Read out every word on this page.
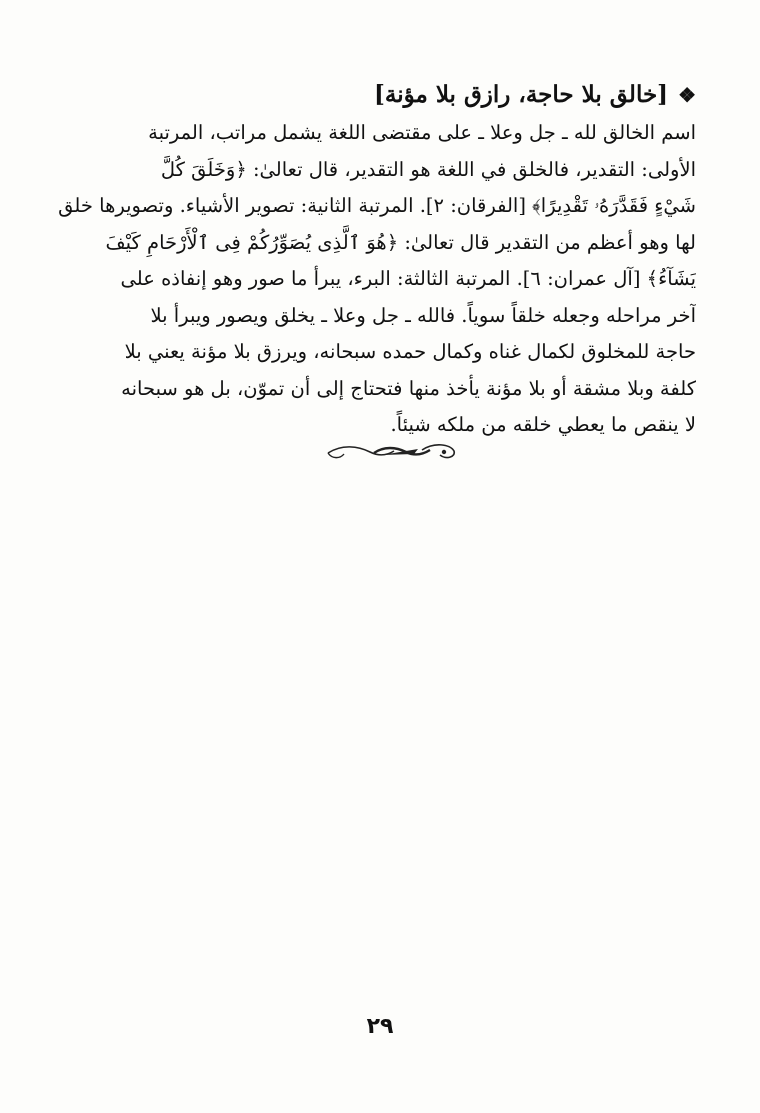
❖[خالق بلا حاجة، رازق بلا مؤنة]
اسم الخالق لله ـ جل وعلا ـ على مقتضى اللغة يشمل مراتب، المرتبة
الأولى: التقدير، فالخلق في اللغة هو التقدير، قال تعالىٰ: ﴿وَخَلَقَ كُلَّ
شَيْءٍ فَقَدَّرَهُۥ تَقْدِيرًا﴾ [الفرقان: ٢]. المرتبة الثانية: تصوير الأشياء. وتصويرها خلق
لها وهو أعظم من التقدير قال تعالىٰ: ﴿هُوَ ٱلَّذِى يُصَوِّرُكُمْ فِى ٱلْأَرْحَامِ كَيْفَ
يَشَآءُ﴾ [آل عمران: ٦]. المرتبة الثالثة: البرء، يبرأ ما صور وهو إنفاذه على
آخر مراحله وجعله خلقاً سوياً. فالله ـ جل وعلا ـ يخلق ويصور ويبرأ بلا
حاجة للمخلوق لكمال غناه وكمال حمده سبحانه، ويرزق بلا مؤنة يعني بلا
كلفة وبلا مشقة أو بلا مؤنة يأخذ منها فتحتاج إلى أن تموّن، بل هو سبحانه
لا ينقص ما يعطي خلقه من ملكه شيئاً.
٢٩
